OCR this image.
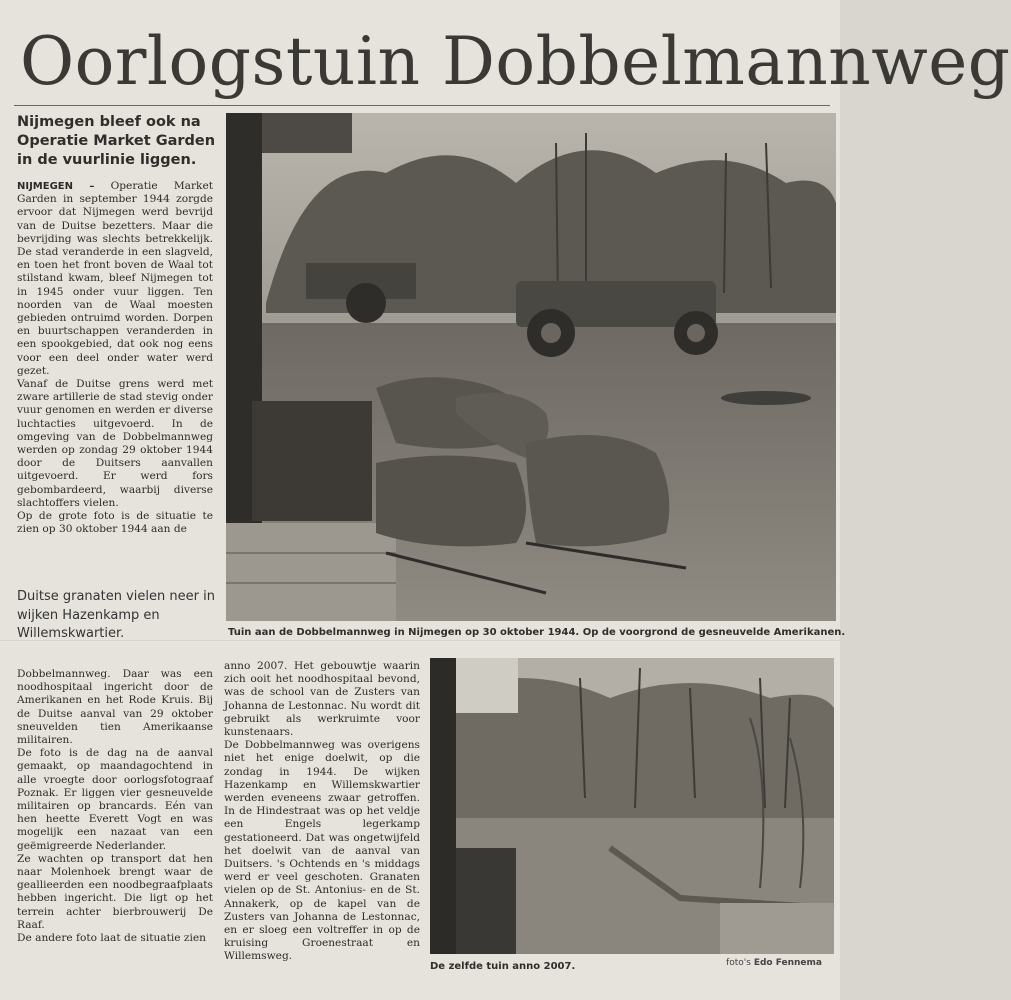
Oorlogstuin Dobbelmannweg
Nijmegen bleef ook na Operatie Market Garden in de vuurlinie liggen.

NIJMEGEN – Operatie Market Garden in september 1944 zorgde ervoor dat Nijmegen werd bevrijd van de Duitse bezetters. Maar die bevrijding was slechts betrekkelijk. De stad veranderde in een slagveld, en toen het front boven de Waal tot stilstand kwam, bleef Nijmegen tot in 1945 onder vuur liggen. Ten noorden van de Waal moesten gebieden ontruimd worden. Dorpen en buurtschappen veranderden in een spookgebied, dat ook nog eens voor een deel onder water werd gezet.

Vanaf de Duitse grens werd met zware artillerie de stad stevig onder vuur genomen en werden er diverse luchtacties uitgevoerd. In de omgeving van de Dobbelmannweg werden op zondag 29 oktober 1944 door de Duitsers aanvallen uitgevoerd. Er werd fors gebombardeerd, waarbij diverse slachtoffers vielen.

Op de grote foto is de situatie te zien op 30 oktober 1944 aan de

Duitse granaten vielen neer in wijken Hazenkamp en Willemskwartier.

Dobbelmannweg. Daar was een noodhospitaal ingericht door de Amerikanen en het Rode Kruis. Bij de Duitse aanval van 29 oktober sneuvelden tien Amerikaanse militairen.

De foto is de dag na de aanval gemaakt, op maandagochtend in alle vroegte door oorlogsfotograaf Poznak. Er liggen vier gesneuvelde militairen op brancards. Eén van hen heette Everett Vogt en was mogelijk een nazaat van een geëmigreerde Nederlander.

Ze wachten op transport dat hen naar Molenhoek brengt waar de geallieerden een noodbegraafplaats hebben ingericht. Die ligt op het terrein achter bierbrouwerij De Raaf.

De andere foto laat de situatie zien

anno 2007. Het gebouwtje waarin zich ooit het noodhospitaal bevond, was de school van de Zusters van Johanna de Lestonnac. Nu wordt dit gebruikt als werkruimte voor kunstenaars.

De Dobbelmannweg was overigens niet het enige doelwit, op die zondag in 1944. De wijken Hazenkamp en Willemskwartier werden eveneens zwaar getroffen. In de Hindestraat was op het veldje een Engels legerkamp gestationeerd. Dat was ongetwijfeld het doelwit van de aanval van Duitsers. 's Ochtends en 's middags werd er veel geschoten. Granaten vielen op de St. Antonius- en de St. Annakerk, op de kapel van de Zusters van Johanna de Lestonnac, en er sloeg een voltreffer in op de kruising Groenestraat en Willemsweg.

Tuin aan de Dobbelmannweg in Nijmegen op 30 oktober 1944. Op de voorgrond de gesneuvelde Amerikanen.
De zelfde tuin anno 2007.	foto's Edo Fennema
